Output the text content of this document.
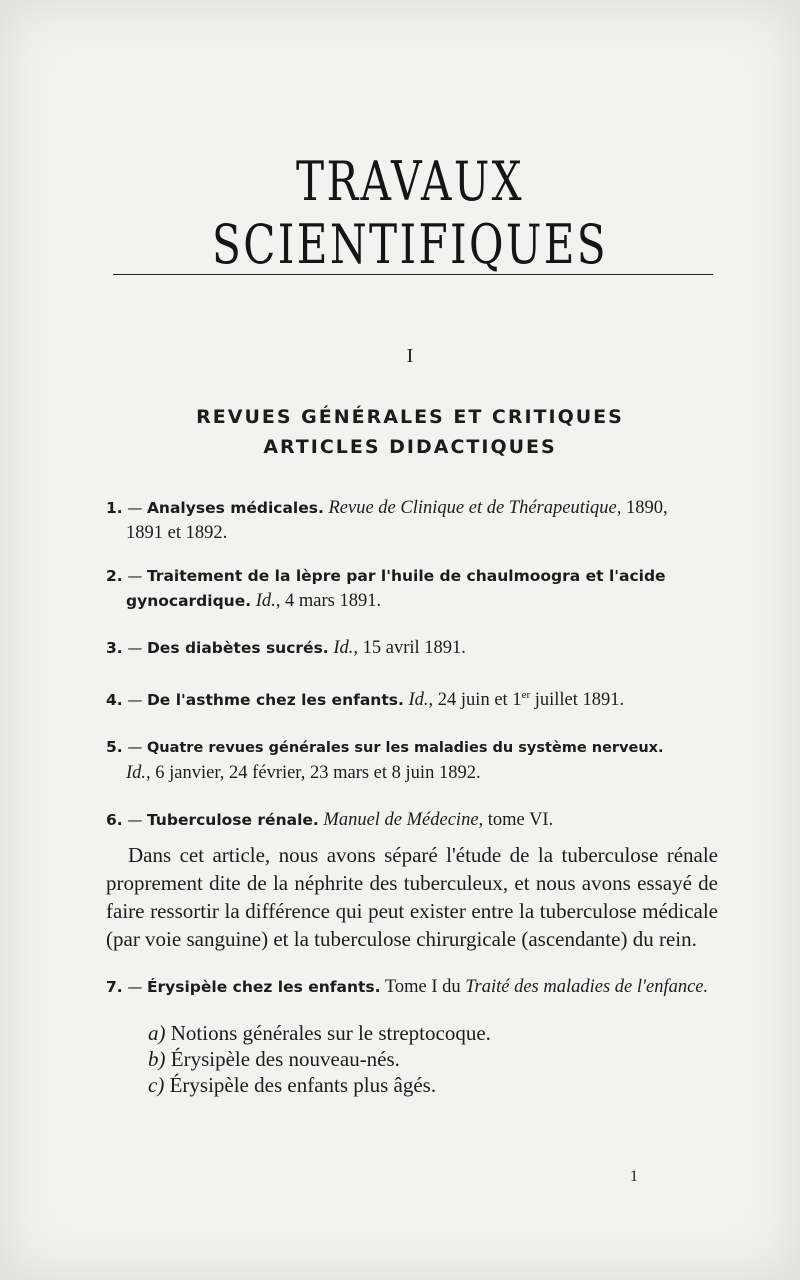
TRAVAUX SCIENTIFIQUES
I
REVUES GÉNÉRALES ET CRITIQUES
ARTICLES DIDACTIQUES

1. — Analyses médicales. Revue de Clinique et de Thérapeutique, 1890,
1891 et 1892.

2. — Traitement de la lèpre par l'huile de chaulmoogra et l'acide
gynocardique. Id., 4 mars 1891.

3. — Des diabètes sucrés. Id., 15 avril 1891.

4. — De l'asthme chez les enfants. Id., 24 juin et 1er juillet 1891.

5. — Quatre revues générales sur les maladies du système nerveux.
Id., 6 janvier, 24 février, 23 mars et 8 juin 1892.

6. — Tuberculose rénale. Manuel de Médecine, tome VI.

Dans cet article, nous avons séparé l'étude de la tuberculose rénale proprement dite de la néphrite des tuberculeux, et nous avons essayé de faire ressortir la différence qui peut exister entre la tuberculose médicale (par voie sanguine) et la tuberculose chirurgicale (ascendante) du rein.

7. — Érysipèle chez les enfants. Tome I du Traité des maladies de l'enfance.

a) Notions générales sur le streptocoque.
b) Érysipèle des nouveau-nés.
c) Érysipèle des enfants plus âgés.
1
